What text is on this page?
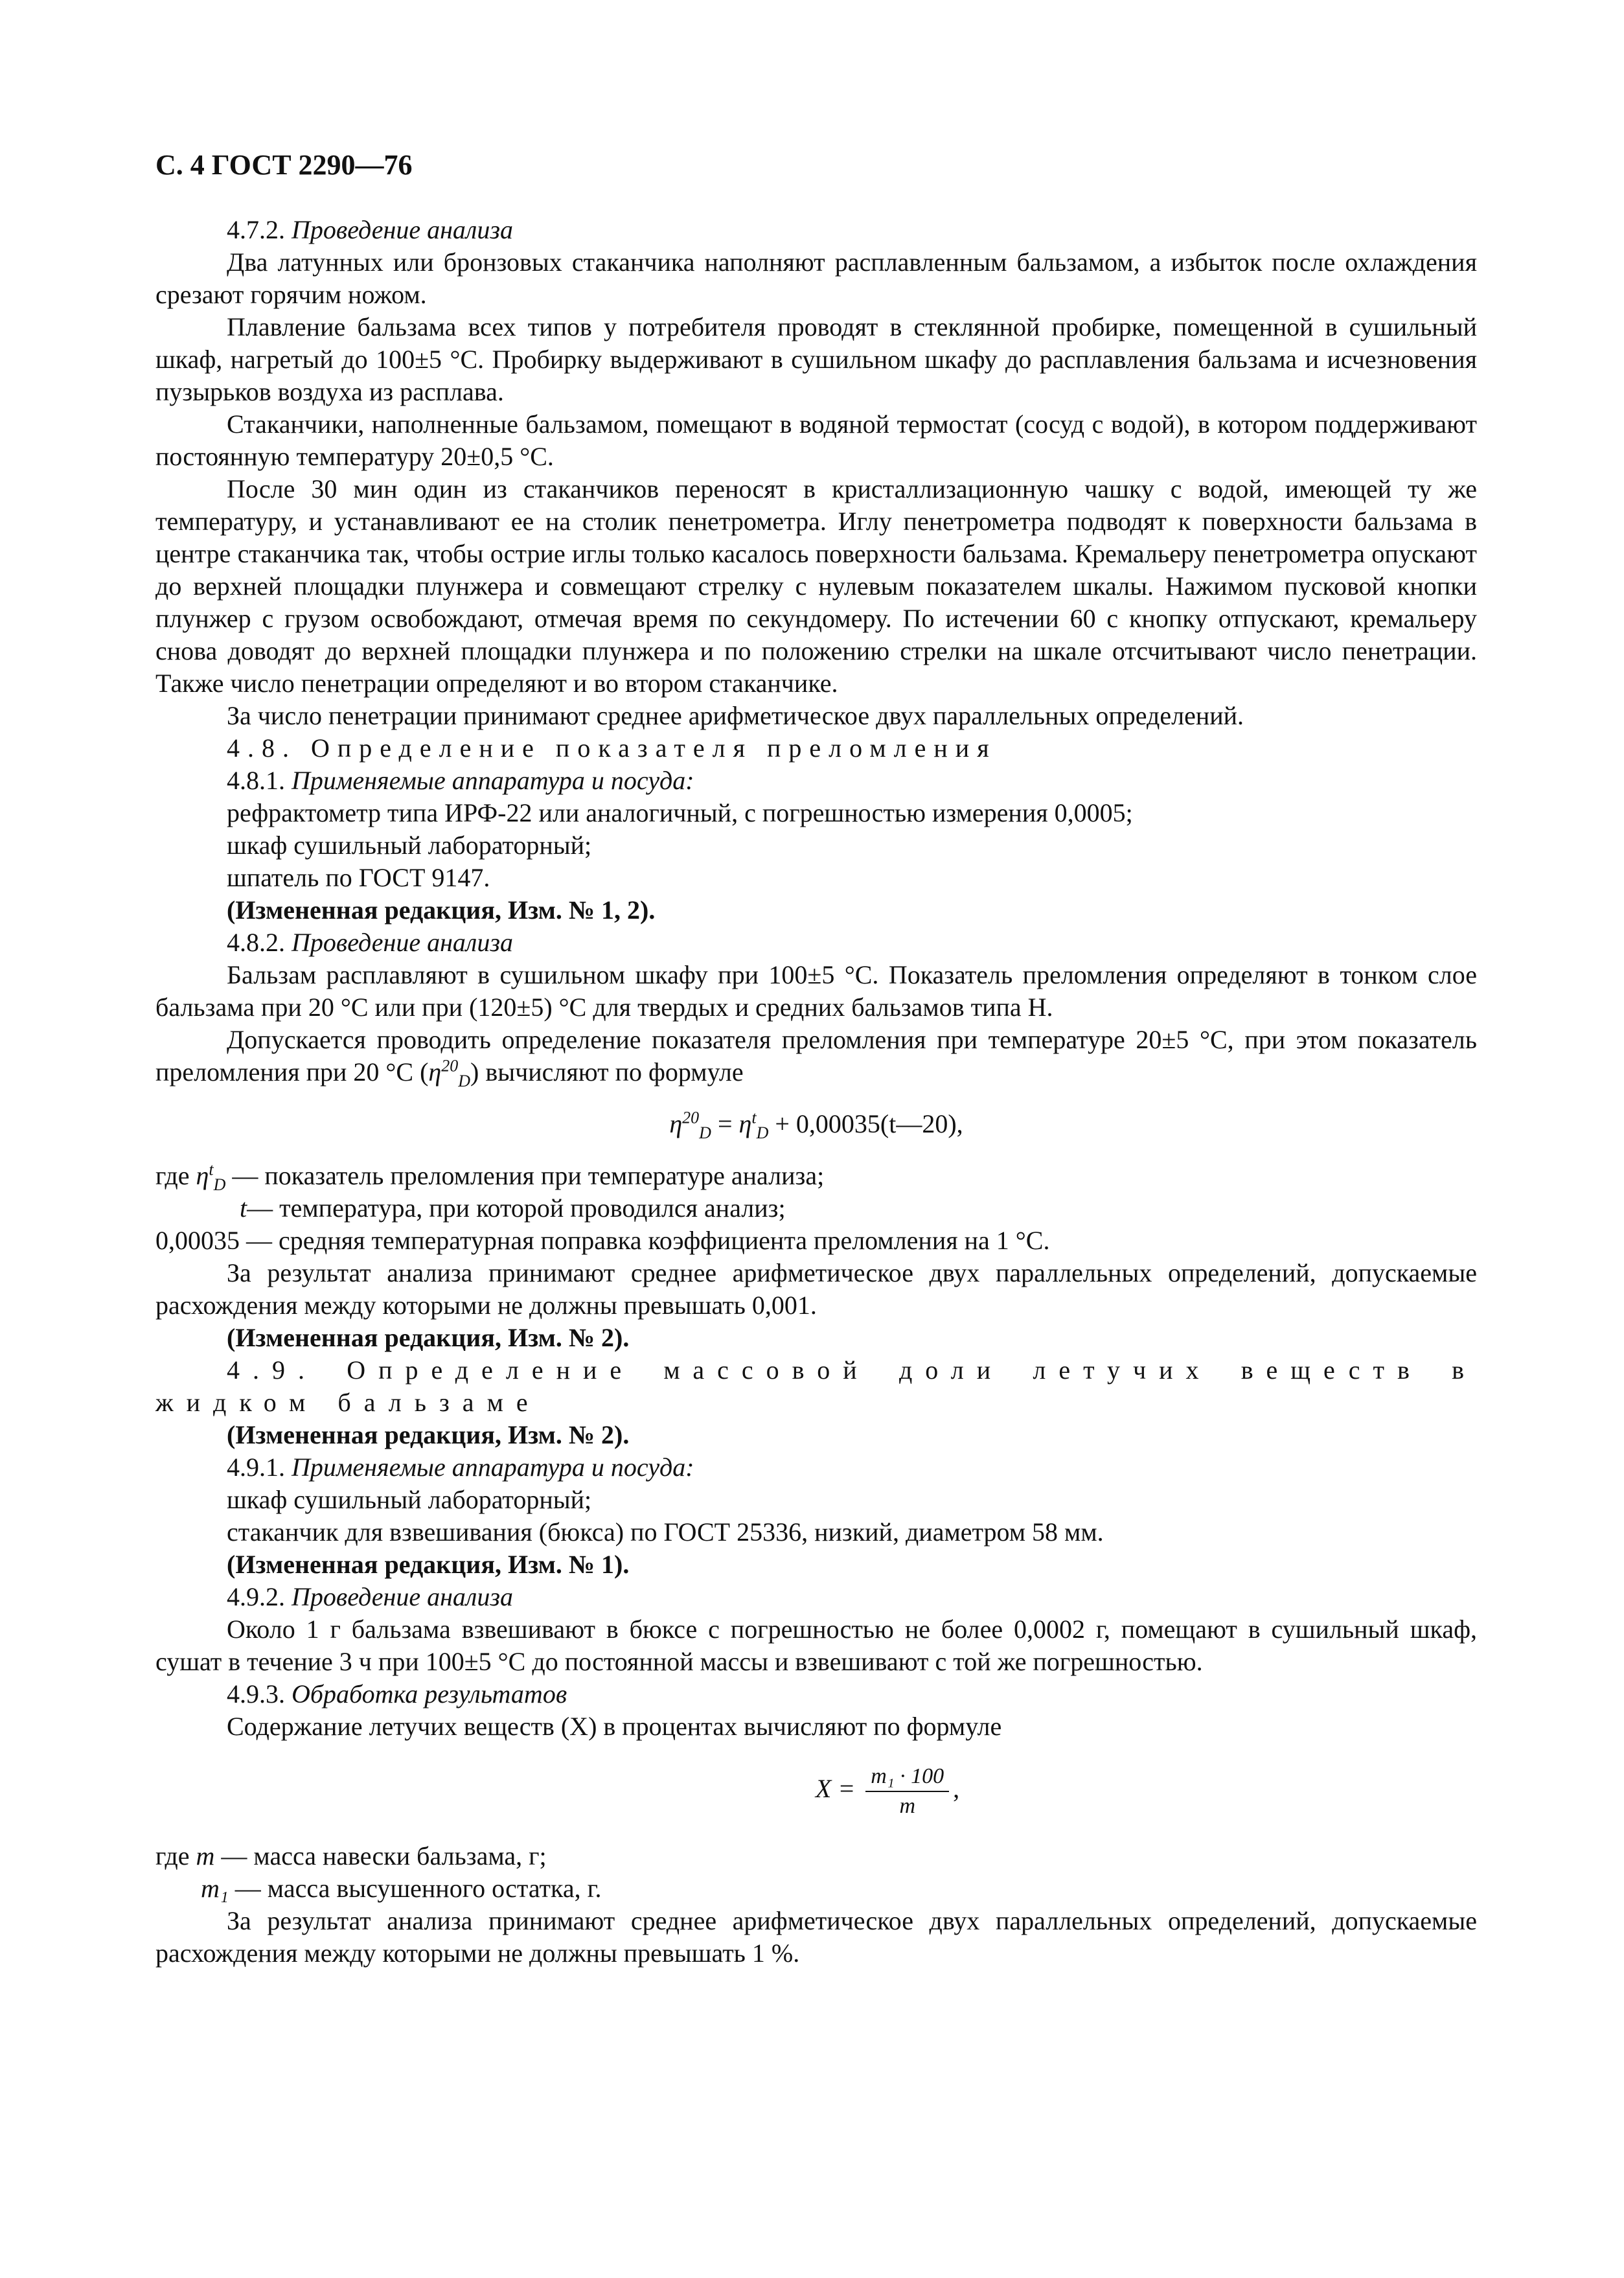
С. 4 ГОСТ 2290—76

4.7.2. Проведение анализа

Два латунных или бронзовых стаканчика наполняют расплавленным бальзамом, а избыток после охлаждения срезают горячим ножом.

Плавление бальзама всех типов у потребителя проводят в стеклянной пробирке, помещенной в сушильный шкаф, нагретый до 100±5 °С. Пробирку выдерживают в сушильном шкафу до расплавления бальзама и исчезновения пузырьков воздуха из расплава.

Стаканчики, наполненные бальзамом, помещают в водяной термостат (сосуд с водой), в котором поддерживают постоянную температуру 20±0,5 °С.

После 30 мин один из стаканчиков переносят в кристаллизационную чашку с водой, имеющей ту же температуру, и устанавливают ее на столик пенетрометра. Иглу пенетрометра подводят к поверхности бальзама в центре стаканчика так, чтобы острие иглы только касалось поверхности бальзама. Кремальеру пенетрометра опускают до верхней площадки плунжера и совмещают стрелку с нулевым показателем шкалы. Нажимом пусковой кнопки плунжер с грузом освобождают, отмечая время по секундомеру. По истечении 60 с кнопку отпускают, кремальеру снова доводят до верхней площадки плунжера и по положению стрелки на шкале отсчитывают число пенетрации. Также число пенетрации определяют и во втором стаканчике.

За число пенетрации принимают среднее арифметическое двух параллельных определений.

4.8. Определение показателя преломления

4.8.1. Применяемые аппаратура и посуда:

рефрактометр типа ИРФ-22 или аналогичный, с погрешностью измерения 0,0005;

шкаф сушильный лабораторный;

шпатель по ГОСТ 9147.

(Измененная редакция, Изм. № 1, 2).

4.8.2. Проведение анализа

Бальзам расплавляют в сушильном шкафу при 100±5 °С. Показатель преломления определяют в тонком слое бальзама при 20 °С или при (120±5) °С для твердых и средних бальзамов типа Н.

Допускается проводить определение показателя преломления при температуре 20±5 °С, при этом показатель преломления при 20 °С $(\eta^{20}_D)$ вычисляют по формуле

$\eta^{20}_D = \eta^t_D$ + 0,00035(t—20),

где $\eta^t_D$ — показатель преломления при температуре анализа;

t— температура, при которой проводился анализ;

0,00035 — средняя температурная поправка коэффициента преломления на 1 °С.

За результат анализа принимают среднее арифметическое двух параллельных определений, допускаемые расхождения между которыми не должны превышать 0,001.

(Измененная редакция, Изм. № 2).

4.9. Определение массовой доли летучих веществ в жидком бальзаме

(Измененная редакция, Изм. № 2).

4.9.1. Применяемые аппаратура и посуда:

шкаф сушильный лабораторный;

стаканчик для взвешивания (бюкса) по ГОСТ 25336, низкий, диаметром 58 мм.

(Измененная редакция, Изм. № 1).

4.9.2. Проведение анализа

Около 1 г бальзама взвешивают в бюксе с погрешностью не более 0,0002 г, помещают в сушильный шкаф, сушат в течение 3 ч при 100±5 °С до постоянной массы и взвешивают с той же погрешностью.

4.9.3. Обработка результатов

Содержание летучих веществ (X) в процентах вычисляют по формуле

$X = \frac{\text{m₁ · 100}}{m}$ ,

где m — масса навески бальзама, г;

m₁ — масса высушенного остатка, г.

За результат анализа принимают среднее арифметическое двух параллельных определений, допускаемые расхождения между которыми не должны превышать 1 %.
